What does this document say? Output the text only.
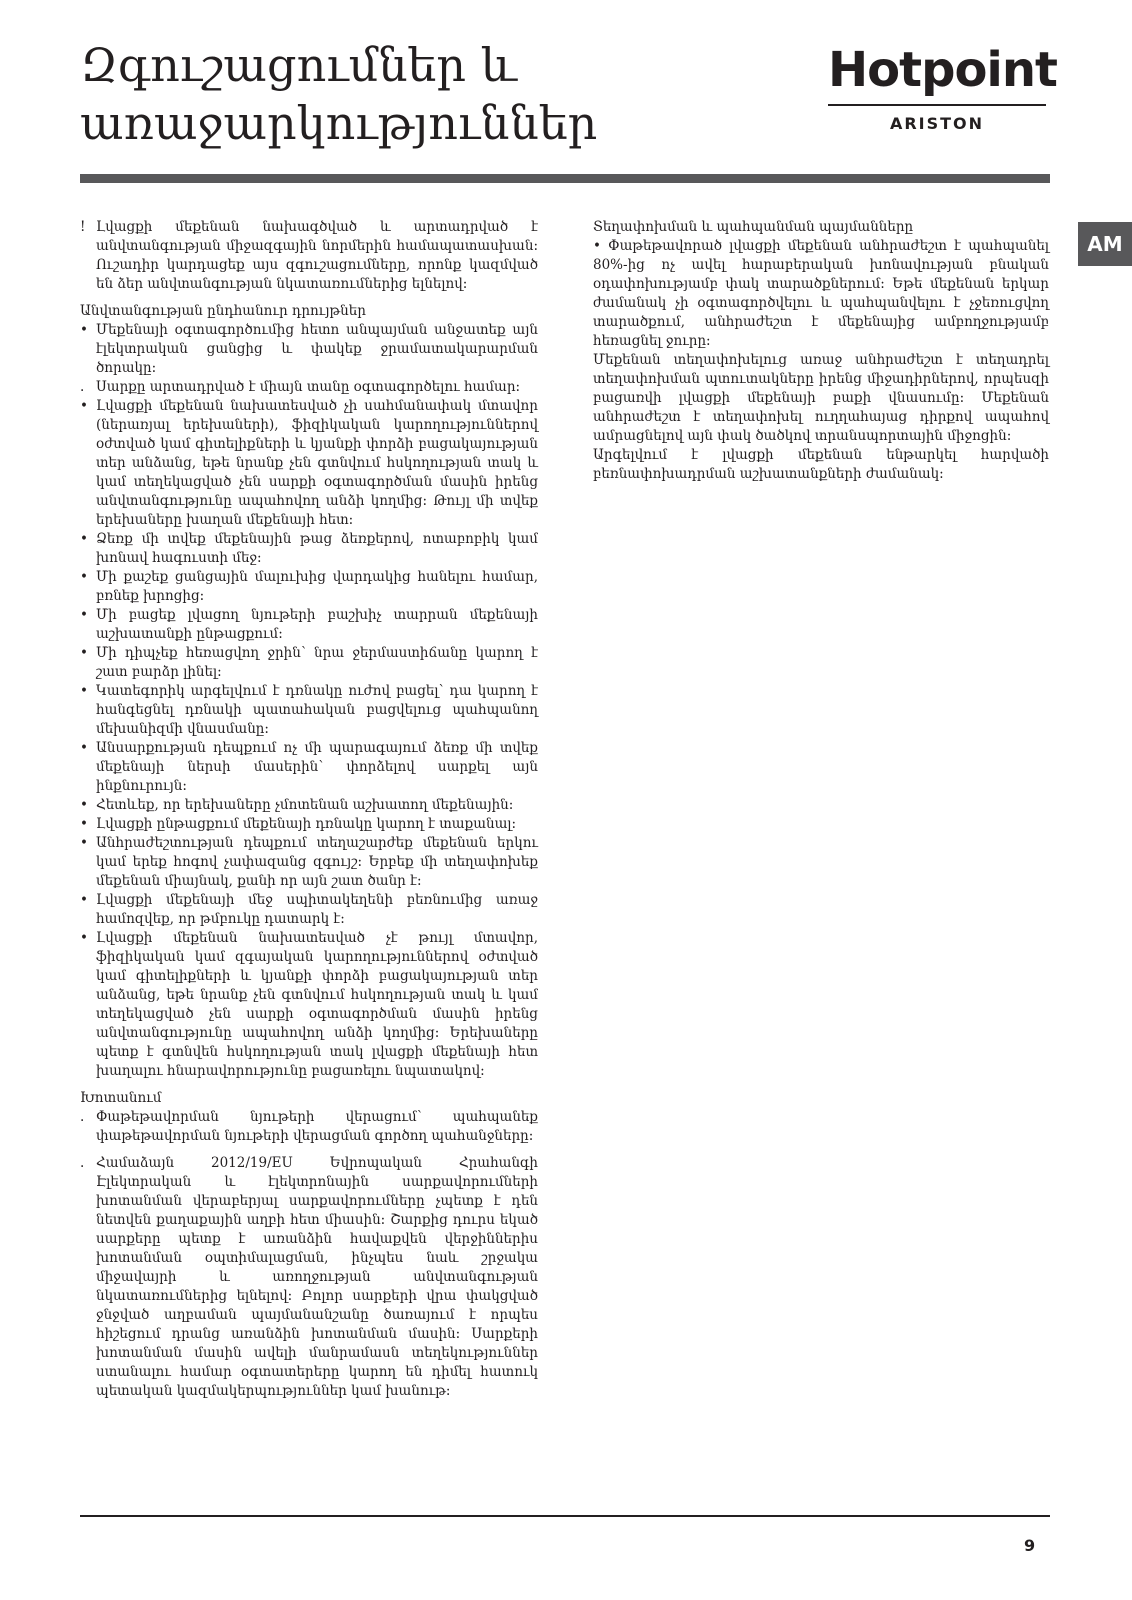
Զգուշացումներ և
առաջարկություններ
Hotpoint
ARISTON
AM
! Լվացքի մեքենան նախագծված և արտադրված է անվտանգության միջազգային նորմերին համապատասխան: Ուշադիր կարդացեք այս զգուշացումները, որոնք կազմված են ձեր անվտանգության նկատառումներից ելնելով:

Անվտանգության ընդհանուր դրույթներ

• Մեքենայի օգտագործումից հետո անպայման անջատեք այն էլեկտրական ցանցից և փակեք ջրամատակարարման ծորակը:
. Սարքը արտադրված է միայն տանը օգտագործելու համար:
• Լվացքի մեքենան նախատեսված չի սահմանափակ մտավոր (ներառյալ երեխաների), ֆիզիկական կարողություններով օժտված կամ գիտելիքների և կյանքի փորձի բացակայության տեր անձանց, եթե նրանք չեն գտնվում հսկողության տակ և կամ տեղեկացված չեն սարքի օգտագործման մասին իրենց անվտանգությունը ապահովող անձի կողմից: Թույլ մի տվեք երեխաները խաղան մեքենայի հետ:
• Ձեռք մի տվեք մեքենային թաց ձեռքերով, ոտաբոբիկ կամ խոնավ հագուստի մեջ:
• Մի քաշեք ցանցային մալուխից վարդակից հանելու համար, բռնեք խրոցից:
• Մի բացեք լվացող նյութերի բաշխիչ տարրան մեքենայի աշխատանքի ընթացքում:
• Մի դիպչեք հեռացվող ջրին՝ նրա ջերմաստիճանը կարող է շատ բարձր լինել:
• Կատեգորիկ արգելվում է դռնակը ուժով բացել՝ դա կարող է հանգեցնել դռնակի պատահական բացվելուց պահպանող մեխանիզմի վնասմանը:
• Անսարքության դեպքում ոչ մի պարագայում ձեռք մի տվեք մեքենայի ներսի մասերին՝ փորձելով սարքել այն ինքնուրույն:
• Հետևեք, որ երեխաները չմոտենան աշխատող մեքենային:
• Լվացքի ընթացքում մեքենայի դռնակը կարող է տաքանալ:
• Անհրաժեշտության դեպքում տեղաշարժեք մեքենան երկու կամ երեք հոգով չափազանց զգույշ: Երբեք մի տեղափոխեք մեքենան միայնակ, քանի որ այն շատ ծանր է:
• Լվացքի մեքենայի մեջ սպիտակեղենի բեռնումից առաջ համոզվեք, որ թմբուկը դատարկ է:
• Լվացքի մեքենան նախատեսված չէ թույլ մտավոր, ֆիզիկական կամ զգայական կարողություններով օժտված կամ գիտելիքների և կյանքի փորձի բացակայության տեր անձանց, եթե նրանք չեն գտնվում հսկողության տակ և կամ տեղեկացված չեն սարքի օգտագործման մասին իրենց անվտանգությունը ապահովող անձի կողմից: Երեխաները պետք է գտնվեն հսկողության տակ լվացքի մեքենայի հետ խաղալու հնարավորությունը բացառելու նպատակով:

Խոտանում

. Փաթեթավորման նյութերի վերացում՝ պահպանեք փաթեթավորման նյութերի վերացման գործող պահանջները:
. Համաձայն 2012/19/EU Եվրոպական Հրահանգի Էլեկտրական և էլեկտրոնային սարքավորումների խոտանման վերաբերյալ սարքավորումները չպետք է դեն նետվեն քաղաքային աղբի հետ միասին: Շարքից դուրս եկած սարքերը պետք է առանձին հավաքվեն վերջիններիս խոտանման օպտիմալացման, ինչպես նաև շրջակա միջավայրի և առողջության անվտանգության նկատառումներից ելնելով: Բոլոր սարքերի վրա փակցված ջնջված աղբաման պայմանանշանը ծառայում է որպես հիշեցում դրանց առանձին խոտանման մասին: Սարքերի խոտանման մասին ավելի մանրամասն տեղեկություններ ստանալու համար օգտատերերը կարող են դիմել հատուկ պետական կազմակերպություններ կամ խանութ:

Տեղափոխման և պահպանման պայմանները

• Փաթեթավորած լվացքի մեքենան անհրաժեշտ է պահպանել 80%-ից ոչ ավել հարաբերական խոնավության բնական օդափոխությամբ փակ տարածքներում: Եթե մեքենան երկար ժամանակ չի օգտագործվելու և պահպանվելու է չջեռուցվող տարածքում, անհրաժեշտ է մեքենայից ամբողջությամբ հեռացնել ջուրը:

Մեքենան տեղափոխելուց առաջ անհրաժեշտ է տեղադրել տեղափոխման պտուտակները իրենց միջադիրներով, որպեսզի բացառվի լվացքի մեքենայի բաքի վնասումը: Մեքենան անհրաժեշտ է տեղափոխել ուղղահայաց դիրքով ապահով ամրացնելով այն փակ ծածկով տրանսպորտային միջոցին:

Արգելվում է լվացքի մեքենան ենթարկել հարվածի բեռնափոխադրման աշխատանքների ժամանակ:

9
